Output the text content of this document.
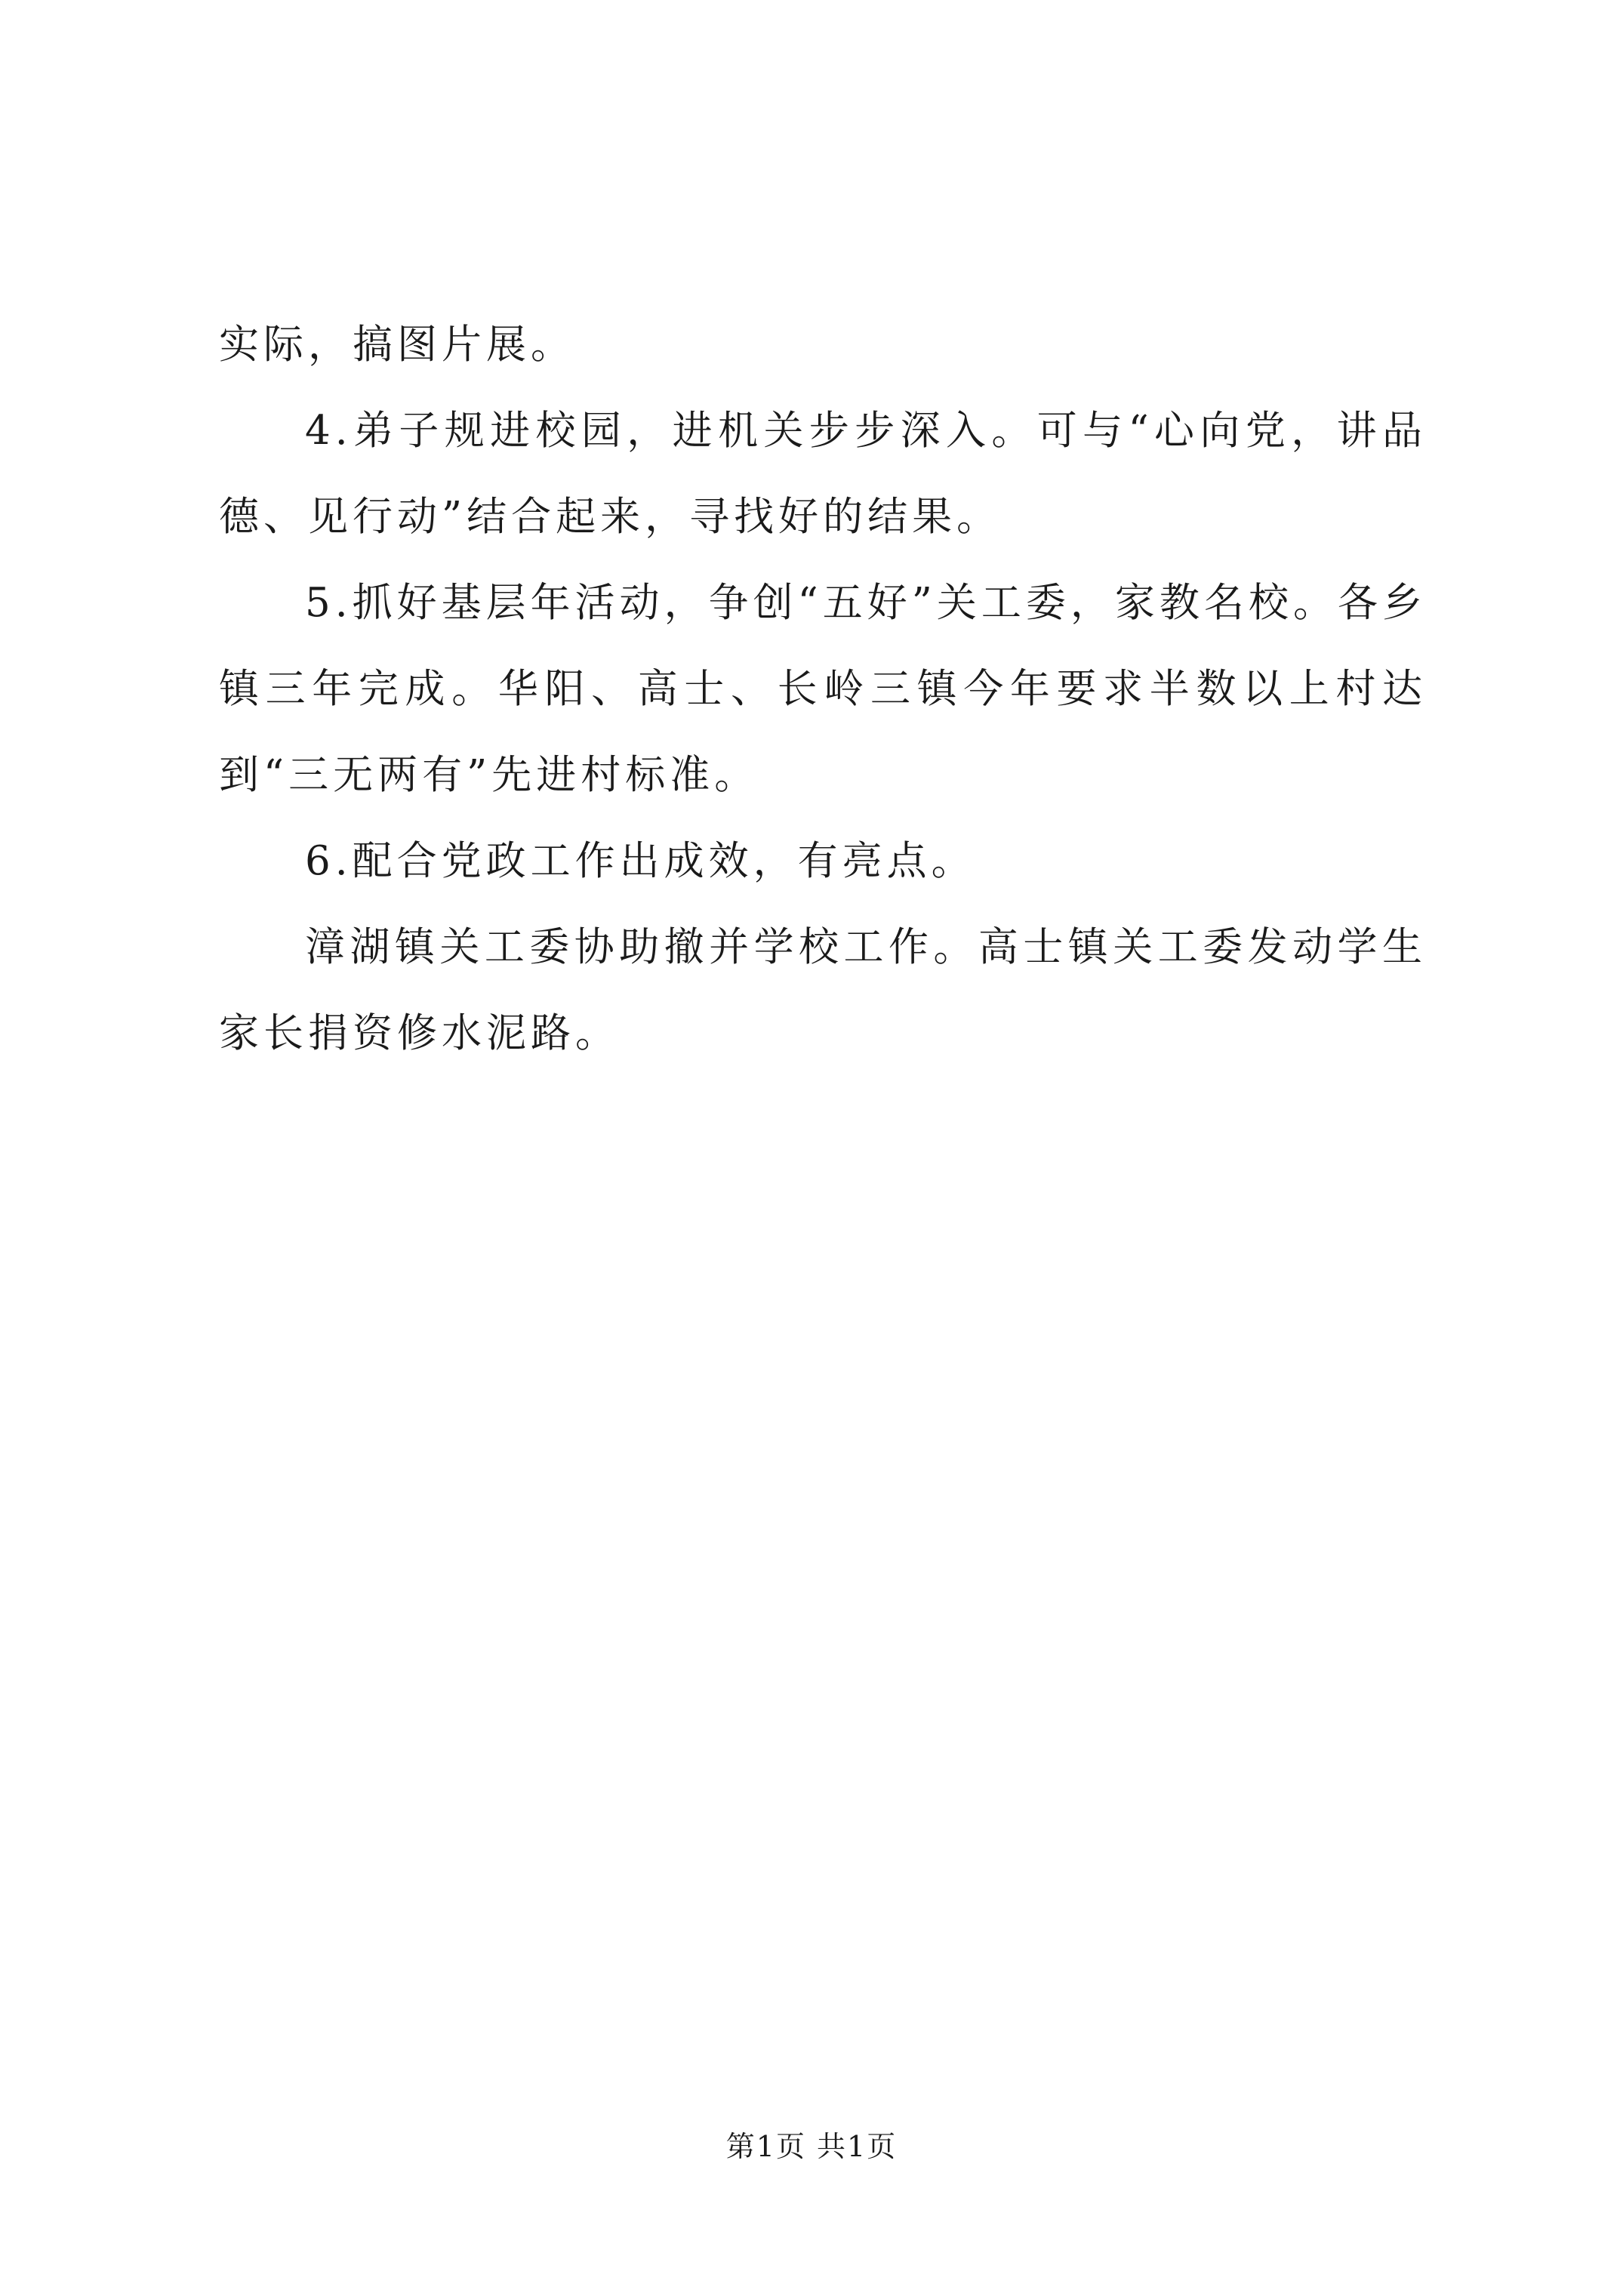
实际，搞图片展。

4.弟子规进校园，进机关步步深入。可与“心向党，讲品德、见行动”结合起来，寻找好的结果。

5.抓好基层年活动，争创“五好”关工委，家教名校。各乡镇三年完成。华阳、高士、长岭三镇今年要求半数以上村达到“三无两有”先进村标准。

6.配合党政工作出成效，有亮点。

漳湖镇关工委协助撤并学校工作。高士镇关工委发动学生家长捐资修水泥路。

第1页 共1页
